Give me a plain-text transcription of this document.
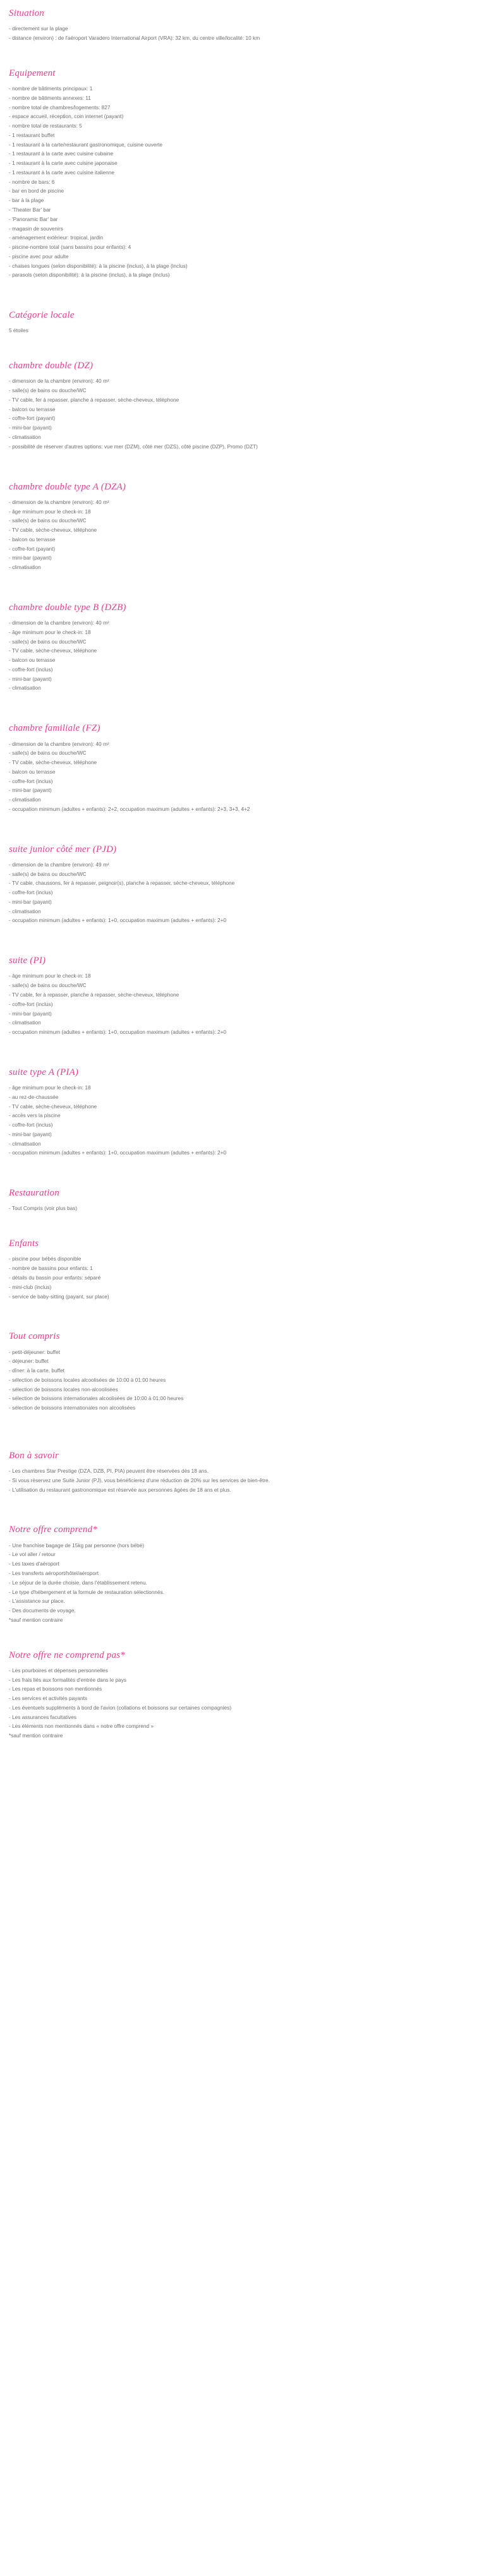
Situation
- directement sur la plage
- distance (environ) : de l'aéroport Varadero International Airport (VRA): 32 km, du centre ville/localité: 10 km
Equipement
- nombre de bâtiments principaux: 1
- nombre de bâtiments annexes: 11
- nombre total de chambres/logements: 827
- espace accueil, réception, coin internet (payant)
- nombre total de restaurants: 5
- 1 restaurant buffet
- 1 restaurant à la carte/restaurant gastronomique, cuisine ouverte
- 1 restaurant à la carte avec cuisine cubaine
- 1 restaurant à la carte avec cuisine japonaise
- 1 restaurant à la carte avec cuisine italienne
- nombre de bars: 6
- bar en bord de piscine
- bar à la plage
- 'Theater Bar' bar
- 'Panoramic Bar' bar
- magasin de souvenirs
- aménagement extérieur: tropical, jardin
- piscine-nombre total (sans bassins pour enfants): 4
- piscine avec pour adulte
- chaises longues (selon disponibilité): à la piscine (inclus), à la plage (inclus)
- parasols (selon disponibilité): à la piscine (inclus), à la plage (inclus)
Catégorie locale
5 étoiles
chambre double (DZ)
- dimension de la chambre (environ): 40 m²
- salle(s) de bains ou douche/WC
- TV cable, fer à repasser, planche à repasser, sèche-cheveux, téléphone
- balcon ou terrasse
- coffre-fort (payant)
- mini-bar (payant)
- climatisation
- possibilité de réserver d'autres options: vue mer (DZM), côté mer (DZS), côté piscine (DZP), Promo (DZT)
chambre double type A (DZA)
- dimension de la chambre (environ): 40 m²
- âge minimum pour le check-in: 18
- salle(s) de bains ou douche/WC
- TV cable, sèche-cheveux, téléphone
- balcon ou terrasse
- coffre-fort (payant)
- mini-bar (payant)
- climatisation
chambre double type B (DZB)
- dimension de la chambre (environ): 40 m²
- âge minimum pour le check-in: 18
- salle(s) de bains ou douche/WC
- TV cable, sèche-cheveux, téléphone
- balcon ou terrasse
- coffre-fort (inclus)
- mini-bar (payant)
- climatisation
chambre familiale (FZ)
- dimension de la chambre (environ): 40 m²
- salle(s) de bains ou douche/WC
- TV cable, sèche-cheveux, téléphone
- balcon ou terrasse
- coffre-fort (inclus)
- mini-bar (payant)
- climatisation
- occupation minimum (adultes + enfants): 2+2, occupation maximum (adultes + enfants): 2+3, 3+3, 4+2
suite junior côté mer (PJD)
- dimension de la chambre (environ): 49 m²
- salle(s) de bains ou douche/WC
- TV cable, chaussons, fer à repasser, peignoir(s), planche à repasser, sèche-cheveux, téléphone
- coffre-fort (inclus)
- mini-bar (payant)
- climatisation
- occupation minimum (adultes + enfants): 1+0, occupation maximum (adultes + enfants): 2+0
suite (PI)
- âge minimum pour le check-in: 18
- salle(s) de bains ou douche/WC
- TV cable, fer à repasser, planche à repasser, sèche-cheveux, téléphone
- coffre-fort (inclus)
- mini-bar (payant)
- climatisation
- occupation minimum (adultes + enfants): 1+0, occupation maximum (adultes + enfants): 2+0
suite type A (PIA)
- âge minimum pour le check-in: 18
- au rez-de-chaussée
- TV cable, sèche-cheveux, téléphone
- accès vers la piscine
- coffre-fort (inclus)
- mini-bar (payant)
- climatisation
- occupation minimum (adultes + enfants): 1+0, occupation maximum (adultes + enfants): 2+0
Restauration
- Tout Compris (voir plus bas)
Enfants
- piscine pour bébés disponible
- nombre de bassins pour enfants: 1
- détails du bassin pour enfants: séparé
- mini-club (inclus)
- service de baby-sitting (payant, sur place)
Tout compris
- petit-déjeuner: buffet
- déjeuner: buffet
- dîner: à la carte, buffet
- sélection de boissons locales alcoolisées de 10:00 à 01:00 heures
- sélection de boissons locales non-alcoolisées
- sélection de boissons internationales alcoolisées de 10:00 à 01:00 heures
- sélection de boissons internationales non alcoolisées
Bon à savoir
- Les chambres Star Prestige (DZA, DZB, PI, PIA) peuvent être réservées dès 18 ans.
- Si vous réservez une Suite Junior (PJ), vous bénéficierez d'une réduction de 20% sur les services de bien-être.
- L'utilisation du restaurant gastronomique est réservée aux personnes âgées de 18 ans et plus.
Notre offre comprend*
- Une franchise bagage de 15kg par personne (hors bébé)
- Le vol aller / retour
- Les taxes d'aéroport
- Les transferts aéroport/hôtel/aéroport
- Le séjour de la durée choisie, dans l'établissement retenu.
- Le type d'hébergement et la formule de restauration sélectionnés.
- L'assistance sur place.
- Des documents de voyage.
*sauf mention contraire
Notre offre ne comprend pas*
- Les pourboires et dépenses personnelles
- Les frais liés aux formalités d'entrée dans le pays
- Les repas et boissons non mentionnés
- Les services et activités payants
- Les éventuels suppléments à bord de l'avion (collations et boissons sur certaines compagnies)
- Les assurances facultatives
- Les éléments non mentionnés dans « notre offre comprend »
*sauf mention contraire
